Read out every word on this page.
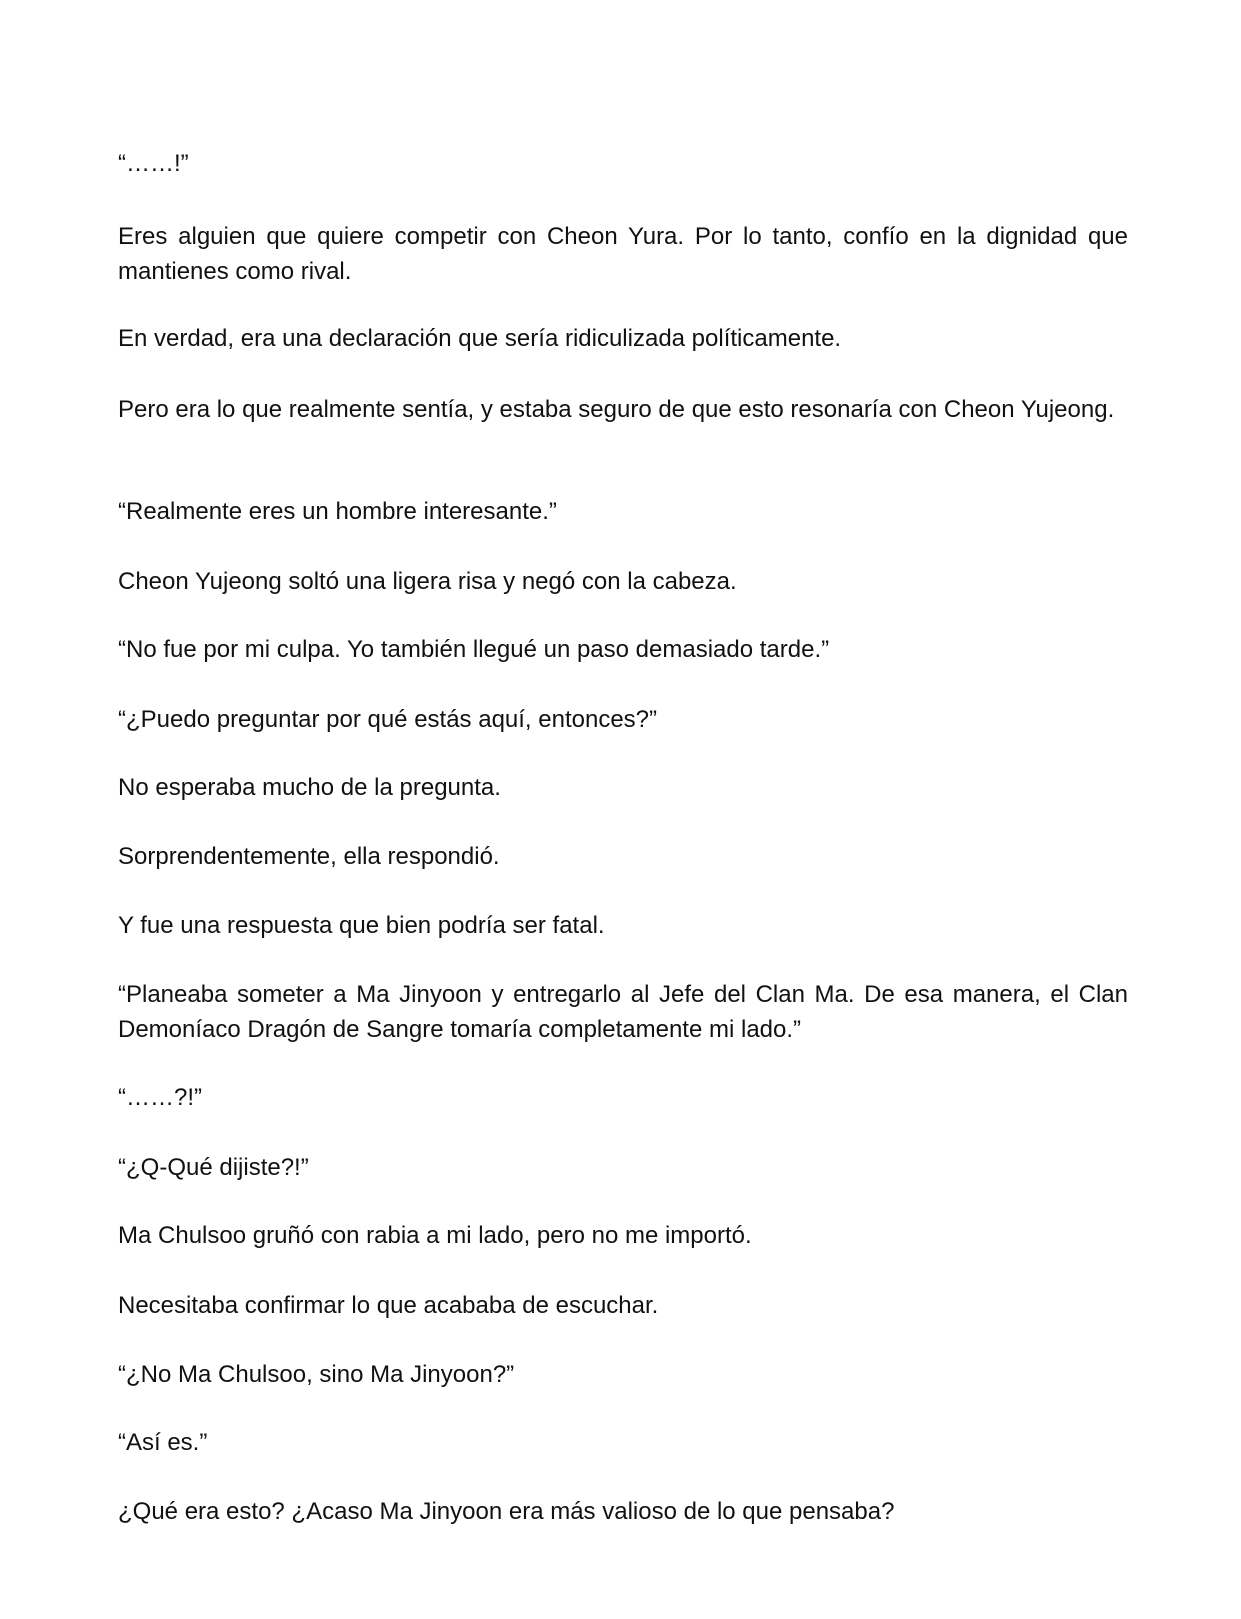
“……!”

Eres alguien que quiere competir con Cheon Yura. Por lo tanto, confío en la dignidad que mantienes como rival.

En verdad, era una declaración que sería ridiculizada políticamente.

Pero era lo que realmente sentía, y estaba seguro de que esto resonaría con Cheon Yujeong.

“Realmente eres un hombre interesante.”

Cheon Yujeong soltó una ligera risa y negó con la cabeza.

“No fue por mi culpa. Yo también llegué un paso demasiado tarde.”

“¿Puedo preguntar por qué estás aquí, entonces?”

No esperaba mucho de la pregunta.

Sorprendentemente, ella respondió.

Y fue una respuesta que bien podría ser fatal.

“Planeaba someter a Ma Jinyoon y entregarlo al Jefe del Clan Ma. De esa manera, el Clan Demoníaco Dragón de Sangre tomaría completamente mi lado.”

“……?!”

“¿Q-Qué dijiste?!”

Ma Chulsoo gruñó con rabia a mi lado, pero no me importó.

Necesitaba confirmar lo que acababa de escuchar.

“¿No Ma Chulsoo, sino Ma Jinyoon?”

“Así es.”

¿Qué era esto? ¿Acaso Ma Jinyoon era más valioso de lo que pensaba?
